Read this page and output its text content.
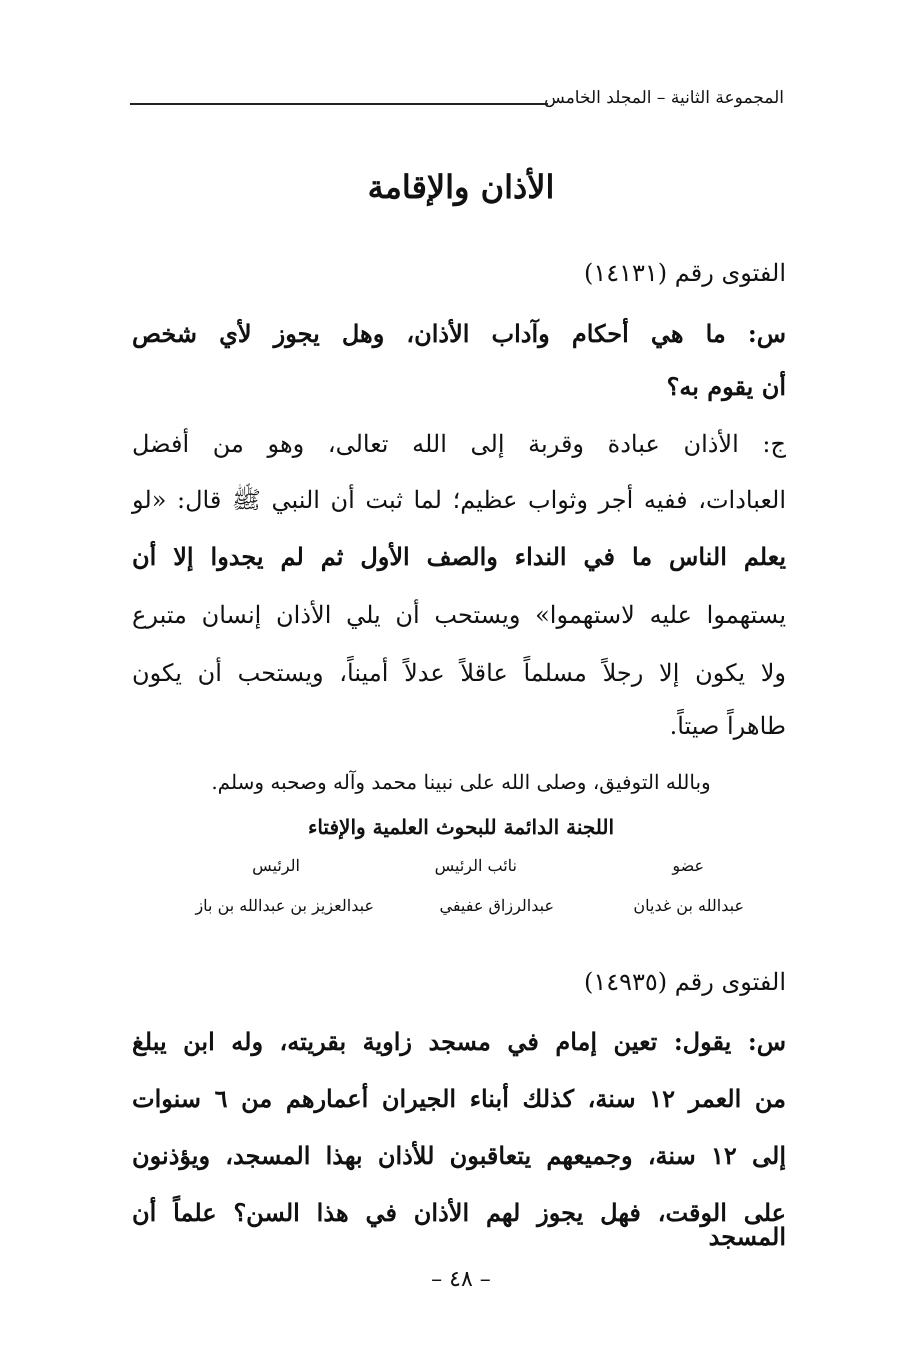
المجموعة الثانية – المجلد الخامس
الأذان والإقامة
الفتوى رقم (١٤١٣١)
س: ما هي أحكام وآداب الأذان، وهل يجوز لأي شخص
أن يقوم به؟
ج: الأذان عبادة وقربة إلى الله تعالى، وهو من أفضل
العبادات، ففيه أجر وثواب عظيم؛ لما ثبت أن النبي ﷺ قال: «لو
يعلم الناس ما في النداء والصف الأول ثم لم يجدوا إلا أن
يستهموا عليه لاستهموا» ويستحب أن يلي الأذان إنسان متبرع
ولا يكون إلا رجلاً مسلماً عاقلاً عدلاً أميناً، ويستحب أن يكون
طاهراً صيتاً.
وبالله التوفيق، وصلى الله على نبينا محمد وآله وصحبه وسلم.
اللجنة الدائمة للبحوث العلمية والإفتاء
عضو
نائب الرئيس
الرئيس
عبدالله بن غديان
عبدالرزاق عفيفي
عبدالعزيز بن عبدالله بن باز
الفتوى رقم (١٤٩٣٥)
س: يقول: تعين إمام في مسجد زاوية بقريته، وله ابن يبلغ
من العمر ١٢ سنة، كذلك أبناء الجيران أعمارهم من ٦ سنوات
إلى ١٢ سنة، وجميعهم يتعاقبون للأذان بهذا المسجد، ويؤذنون
على الوقت، فهل يجوز لهم الأذان في هذا السن؟ علماً أن المسجد
– ٤٨ –
